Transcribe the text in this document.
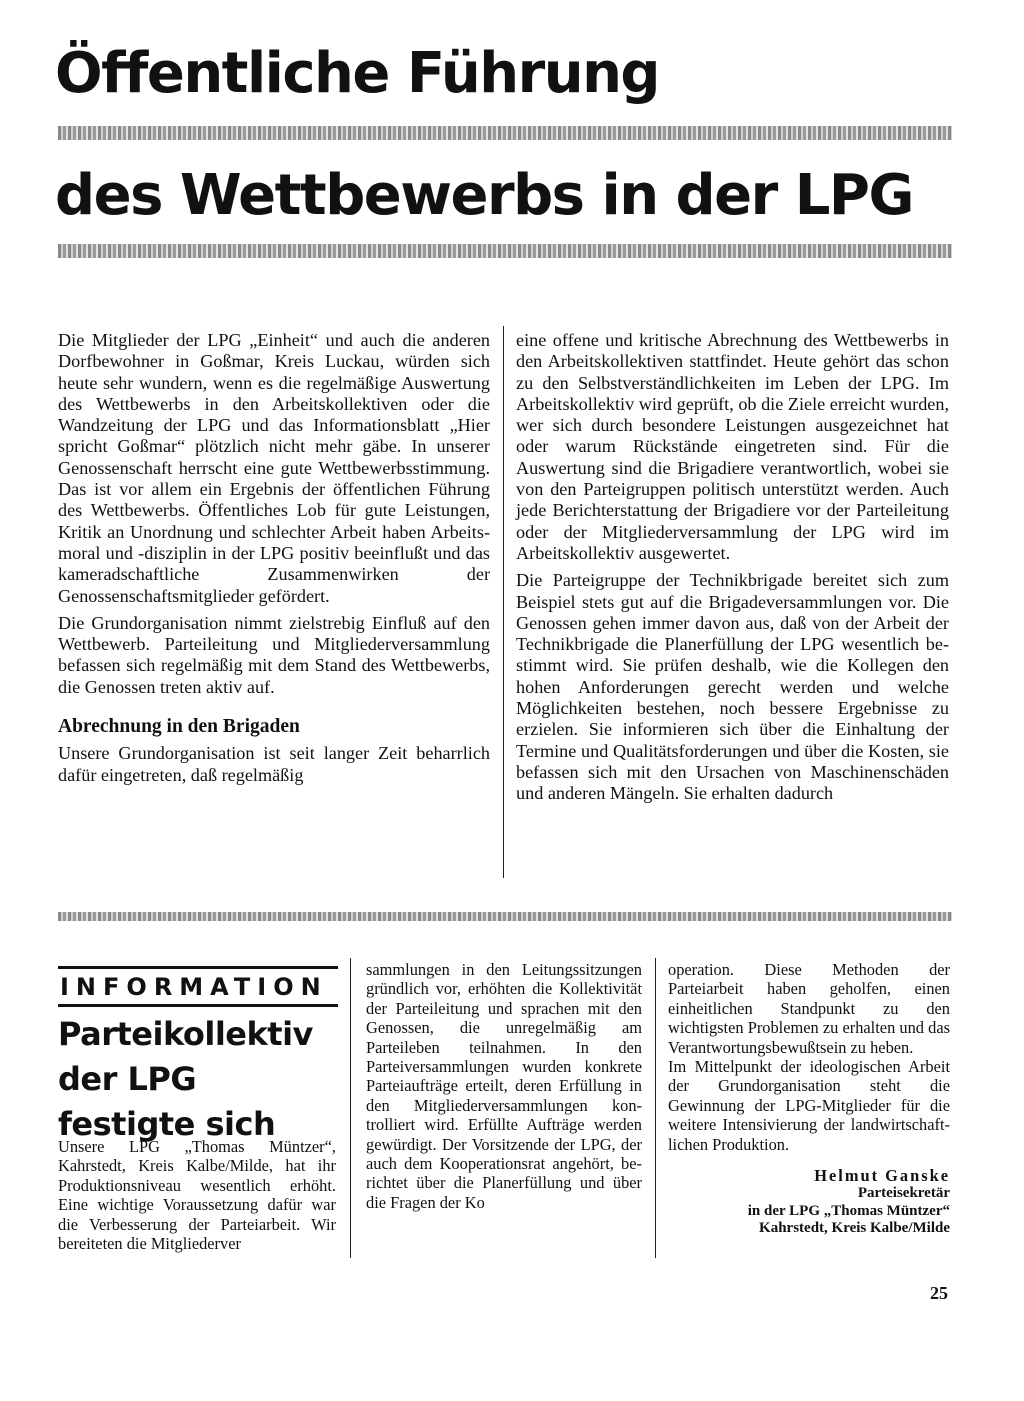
Öffentliche Führung
des Wettbewerbs in der LPG

Die Mitglieder der LPG „Einheit“ und auch die anderen Dorfbewohner in Goßmar, Kreis Luckau, würden sich heute sehr wundern, wenn es die regelmäßige Auswertung des Wettbewerbs in den Arbeitskollektiven oder die Wandzeitung der LPG und das Informationsblatt „Hier spricht Goßmar“ plötzlich nicht mehr gäbe. In unserer Genossenschaft herrscht eine gute Wettbewerbsstimmung. Das ist vor allem ein Ergebnis der öffentlichen Führung des Wettbewerbs. Öffentliches Lob für gute Leistungen, Kritik an Unordnung und schlechter Arbeit haben Arbeitsmoral und -disziplin in der LPG positiv beeinflußt und das kameradschaftliche Zusammenwirken der Genossenschaftsmitglieder gefördert.

Die Grundorganisation nimmt zielstrebig Einfluß auf den Wettbewerb. Parteileitung und Mitgliederversammlung befassen sich regelmäßig mit dem Stand des Wettbewerbs, die Genossen treten aktiv auf.

Abrechnung in den Brigaden

Unsere Grundorganisation ist seit langer Zeit beharrlich dafür eingetreten, daß regelmäßig

eine offene und kritische Abrechnung des Wettbewerbs in den Arbeitskollektiven stattfindet. Heute gehört das schon zu den Selbstverständlichkeiten im Leben der LPG. Im Arbeitskollektiv wird geprüft, ob die Ziele erreicht wurden, wer sich durch besondere Leistungen ausgezeichnet hat oder warum Rückstände eingetreten sind. Für die Auswertung sind die Brigadiere verantwortlich, wobei sie von den Parteigruppen politisch unterstützt werden. Auch jede Berichterstattung der Brigadiere vor der Parteileitung oder der Mitgliederversammlung der LPG wird im Arbeitskollektiv ausgewertet.

Die Parteigruppe der Technikbrigade bereitet sich zum Beispiel stets gut auf die Brigadeversammlungen vor. Die Genossen gehen immer davon aus, daß von der Arbeit der Technikbrigade die Planerfüllung der LPG wesentlich bestimmt wird. Sie prüfen deshalb, wie die Kollegen den hohen Anforderungen gerecht werden und welche Möglichkeiten bestehen, noch bessere Ergebnisse zu erzielen. Sie informieren sich über die Einhaltung der Termine und Qualitätsforderungen und über die Kosten, sie befassen sich mit den Ursachen von Maschinenschäden und anderen Mängeln. Sie erhalten dadurch

INFORMATION
Parteikollektiv
der LPG
festigte sich

Unsere LPG „Thomas Müntzer“, Kahrstedt, Kreis Kalbe/Milde, hat ihr Produktionsniveau wesentlich erhöht. Eine wichtige Voraussetzung dafür war die Verbesserung der Parteiarbeit. Wir bereiteten die Mitgliederver

sammlungen in den Leitungssitzungen gründlich vor, erhöhten die Kollektivität der Parteileitung und sprachen mit den Genossen, die unregelmäßig am Parteileben teilnahmen. In den Parteiversammlungen wurden konkrete Parteiaufträge erteilt, deren Erfüllung in den Mitgliederversammlungen kontrolliert wird. Erfüllte Aufträge werden gewürdigt. Der Vorsitzende der LPG, der auch dem Kooperationsrat angehört, berichtet über die Planerfüllung und über die Fragen der Ko

operation. Diese Methoden der Parteiarbeit haben geholfen, einen einheitlichen Standpunkt zu den wichtigsten Problemen zu erhalten und das Verantwortungsbewußtsein zu heben.

Im Mittelpunkt der ideologischen Arbeit der Grundorganisation steht die Gewinnung der LPG-Mitglieder für die weitere Intensivierung der landwirtschaftlichen Produktion.

Helmut Ganske

Parteisekretär

in der LPG „Thomas Müntzer“

Kahrstedt, Kreis Kalbe/Milde

25
